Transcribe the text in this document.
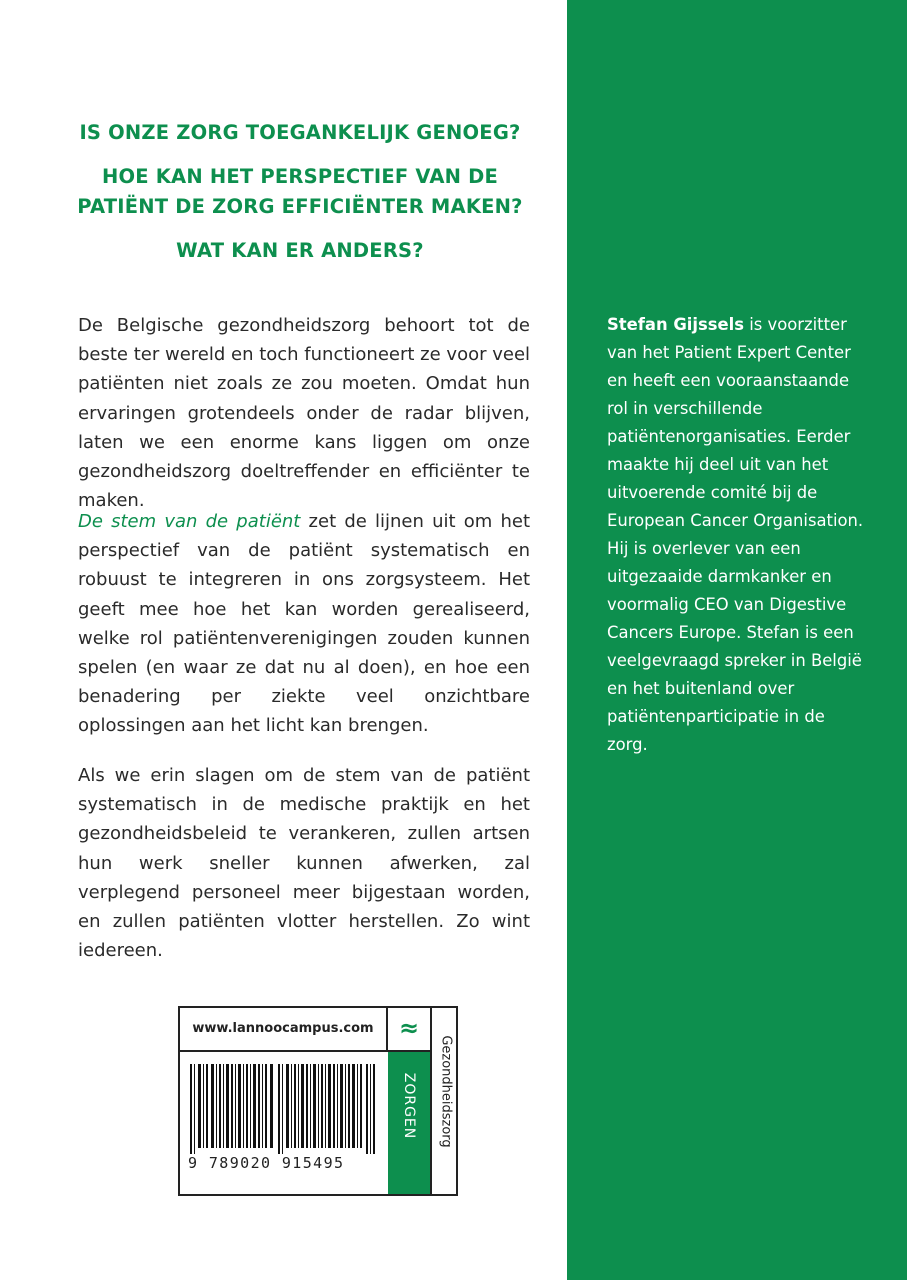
IS ONZE ZORG TOEGANKELIJK GENOEG?

HOE KAN HET PERSPECTIEF VAN DE
PATIËNT DE ZORG EFFICIËNTER MAKEN?

WAT KAN ER ANDERS?

De Belgische gezondheidszorg behoort tot de beste ter wereld en toch functioneert ze voor veel patiënten niet zoals ze zou moeten. Omdat hun ervaringen grotendeels onder de radar blijven, laten we een enorme kans liggen om onze gezondheidszorg doeltreffender en efficiënter te maken.

De stem van de patiënt zet de lijnen uit om het perspectief van de patiënt systematisch en robuust te integreren in ons zorgsysteem. Het geeft mee hoe het kan worden gerealiseerd, welke rol patiëntenverenigingen zouden kunnen spelen (en waar ze dat nu al doen), en hoe een benadering per ziekte veel onzichtbare oplossingen aan het licht kan brengen.

Als we erin slagen om de stem van de patiënt systematisch in de medische praktijk en het gezondheidsbeleid te verankeren, zullen artsen hun werk sneller kunnen afwerken, zal verplegend personeel meer bijgestaan worden, en zullen patiënten vlotter herstellen. Zo wint iedereen.

www.lannoocampus.com	≈
ZORGEN Gezondheidszorg
9 789020 915495
Stefan Gijssels is voorzitter van het Patient Expert Center en heeft een vooraanstaande rol in verschillende patiëntenorganisaties. Eerder maakte hij deel uit van het uitvoerende comité bij de European Cancer Organisation. Hij is overlever van een uitgezaaide darmkanker en voormalig CEO van Digestive Cancers Europe. Stefan is een veelgevraagd spreker in België en het buitenland over patiëntenparticipatie in de zorg.
